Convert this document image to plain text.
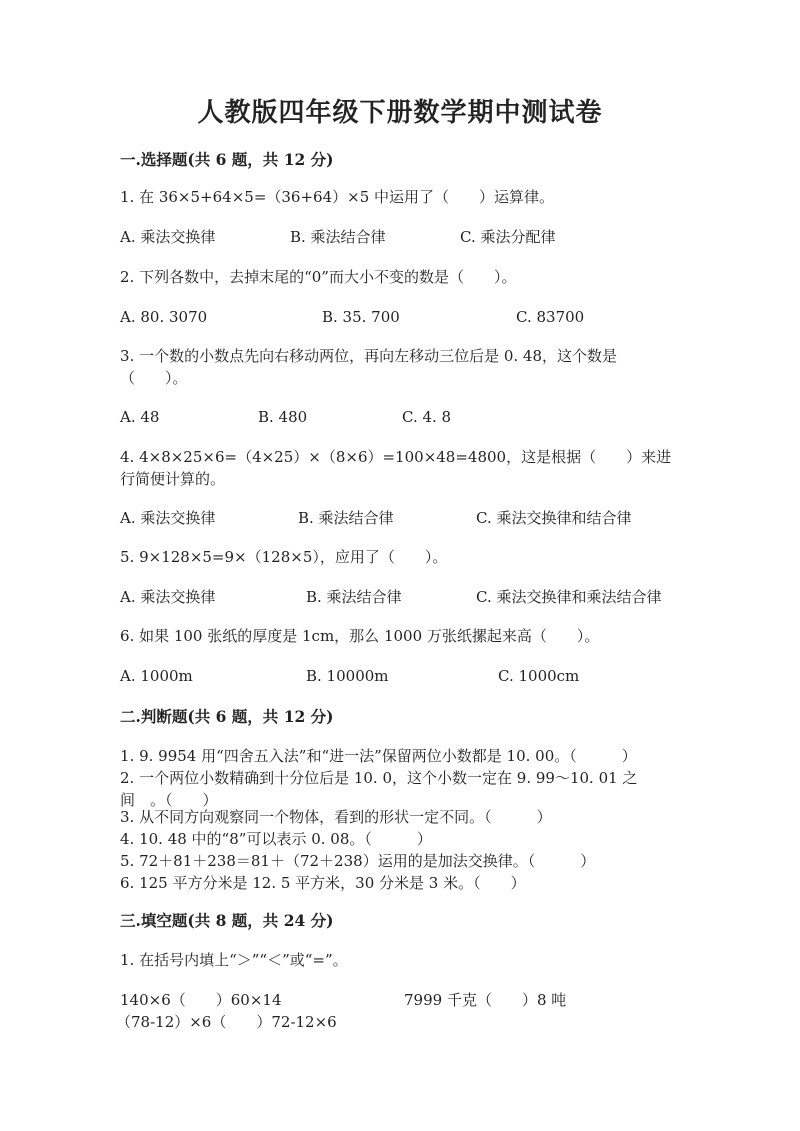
人教版四年级下册数学期中测试卷
一.选择题(共 6 题，共 12 分)
1. 在 36×5+64×5=（36+64）×5 中运用了（　　）运算律。
A. 乘法交换律	B. 乘法结合律	C. 乘法分配律
2. 下列各数中，去掉末尾的“0”而大小不变的数是（　　）。
A. 80. 3070	B. 35. 700	C. 83700
3. 一个数的小数点先向右移动两位，再向左移动三位后是 0. 48，这个数是
（　　）。
A. 48	B. 480	C. 4. 8
4. 4×8×25×6=（4×25）×（8×6）=100×48=4800，这是根据（　　）来进
行简便计算的。
A. 乘法交换律	B. 乘法结合律	C. 乘法交换律和结合律
5. 9×128×5=9×（128×5），应用了（　　）。
A. 乘法交换律	B. 乘法结合律	C. 乘法交换律和乘法结合律
6. 如果 100 张纸的厚度是 1cm，那么 1000 万张纸摞起来高（　　）。
A. 1000m	B. 10000m	C. 1000cm
二.判断题(共 6 题，共 12 分)
1. 9. 9954 用“四舍五入法”和“进一法”保留两位小数都是 10. 00。（　　　）
2. 一个两位小数精确到十分位后是 10. 0，这个小数一定在 9. 99～10. 01 之
间　。（　　）
3. 从不同方向观察同一个物体，看到的形状一定不同。（　　　）
4. 10. 48 中的“8”可以表示 0. 08。（　　　）
5. 72＋81＋238＝81＋（72＋238）运用的是加法交换律。（　　　）
6. 125 平方分米是 12. 5 平方米，30 分米是 3 米。（　　）
三.填空题(共 8 题，共 24 分)
1. 在括号内填上“＞”“＜”或“=”。
140×6（　　）60×14	7999 千克（　　）8 吨
（78-12）×6（　　）72-12×6
